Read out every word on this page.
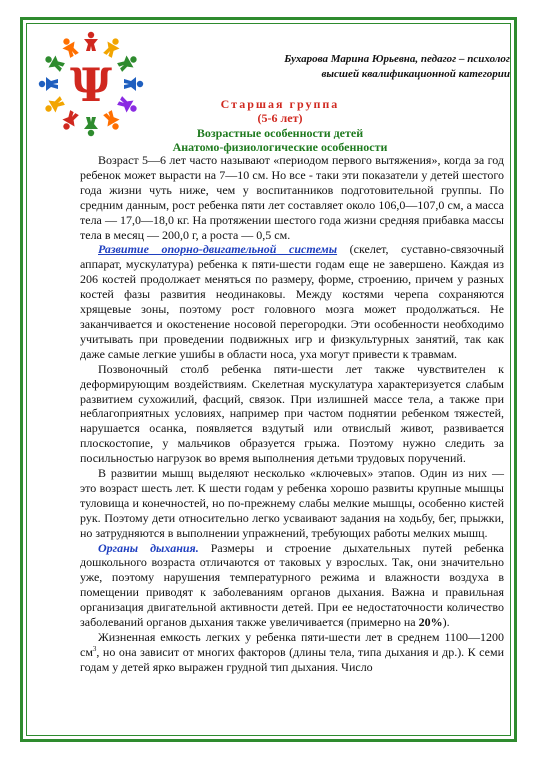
Ψ	Бухарова Марина Юрьевна, педагог – психолог
высшей квалификационной категории
Старшая группа
(5-6 лет)
Возрастные особенности детей
Анатомо-физиологические особенности

Возраст 5—6 лет часто называют «периодом первого вытяжения», когда за год ребенок может вырасти на 7—10 см. Но все - таки эти показатели у детей шестого года жизни чуть ниже, чем у воспитанников подготовительной группы. По средним данным, рост ребенка пяти лет составляет около 106,0—107,0 см, а масса тела — 17,0—18,0 кг. На протяжении шестого года жизни средняя прибавка массы тела в месяц — 200,0 г, а роста — 0,5 см.

Развитие опорно-двигательной системы (скелет, суставно-связочный аппарат, мускулатура) ребенка к пяти-шести годам еще не завершено. Каждая из 206 костей продолжает меняться по размеру, форме, строению, причем у разных костей фазы развития неодинаковы. Между костями черепа сохраняются хрящевые зоны, поэтому рост головного мозга может продолжаться. Не заканчивается и окостенение носовой перегородки. Эти особенности необходимо учитывать при проведении подвижных игр и физкультурных занятий, так как даже самые легкие ушибы в области носа, уха могут привести к травмам.

Позвоночный столб ребенка пяти-шести лет также чувствителен к деформирующим воздействиям. Скелетная мускулатура характеризуется слабым развитием сухожилий, фасций, связок. При излишней массе тела, а также при неблагоприятных условиях, например при частом поднятии ребенком тяжестей, нарушается осанка, появляется вздутый или отвислый живот, развивается плоскостопие, у мальчиков образуется грыжа. Поэтому нужно следить за посильностью нагрузок во время выполнения детьми трудовых поручений.

В развитии мышц выделяют несколько «ключевых» этапов. Один из них — это возраст шесть лет. К шести годам у ребенка хорошо развиты крупные мышцы туловища и конечностей, но по-прежнему слабы мелкие мышцы, особенно кистей рук. Поэтому дети относительно легко усваивают задания на ходьбу, бег, прыжки, но затрудняются в выполнении упражнений, требующих работы мелких мышц.

Органы дыхания. Размеры и строение дыхательных путей ребенка дошкольного возраста отличаются от таковых у взрослых. Так, они значительно уже, поэтому нарушения температурного режима и влажности воздуха в помещении приводят к заболеваниям органов дыхания. Важна и правильная организация двигательной активности детей. При ее недостаточности количество заболеваний органов дыхания также увеличивается (примерно на 20%).

Жизненная емкость легких у ребенка пяти-шести лет в среднем 1100—1200 $см^3$, но она зависит от многих факторов (длины тела, типа дыхания и др.). К семи годам у детей ярко выражен грудной тип дыхания. Число
